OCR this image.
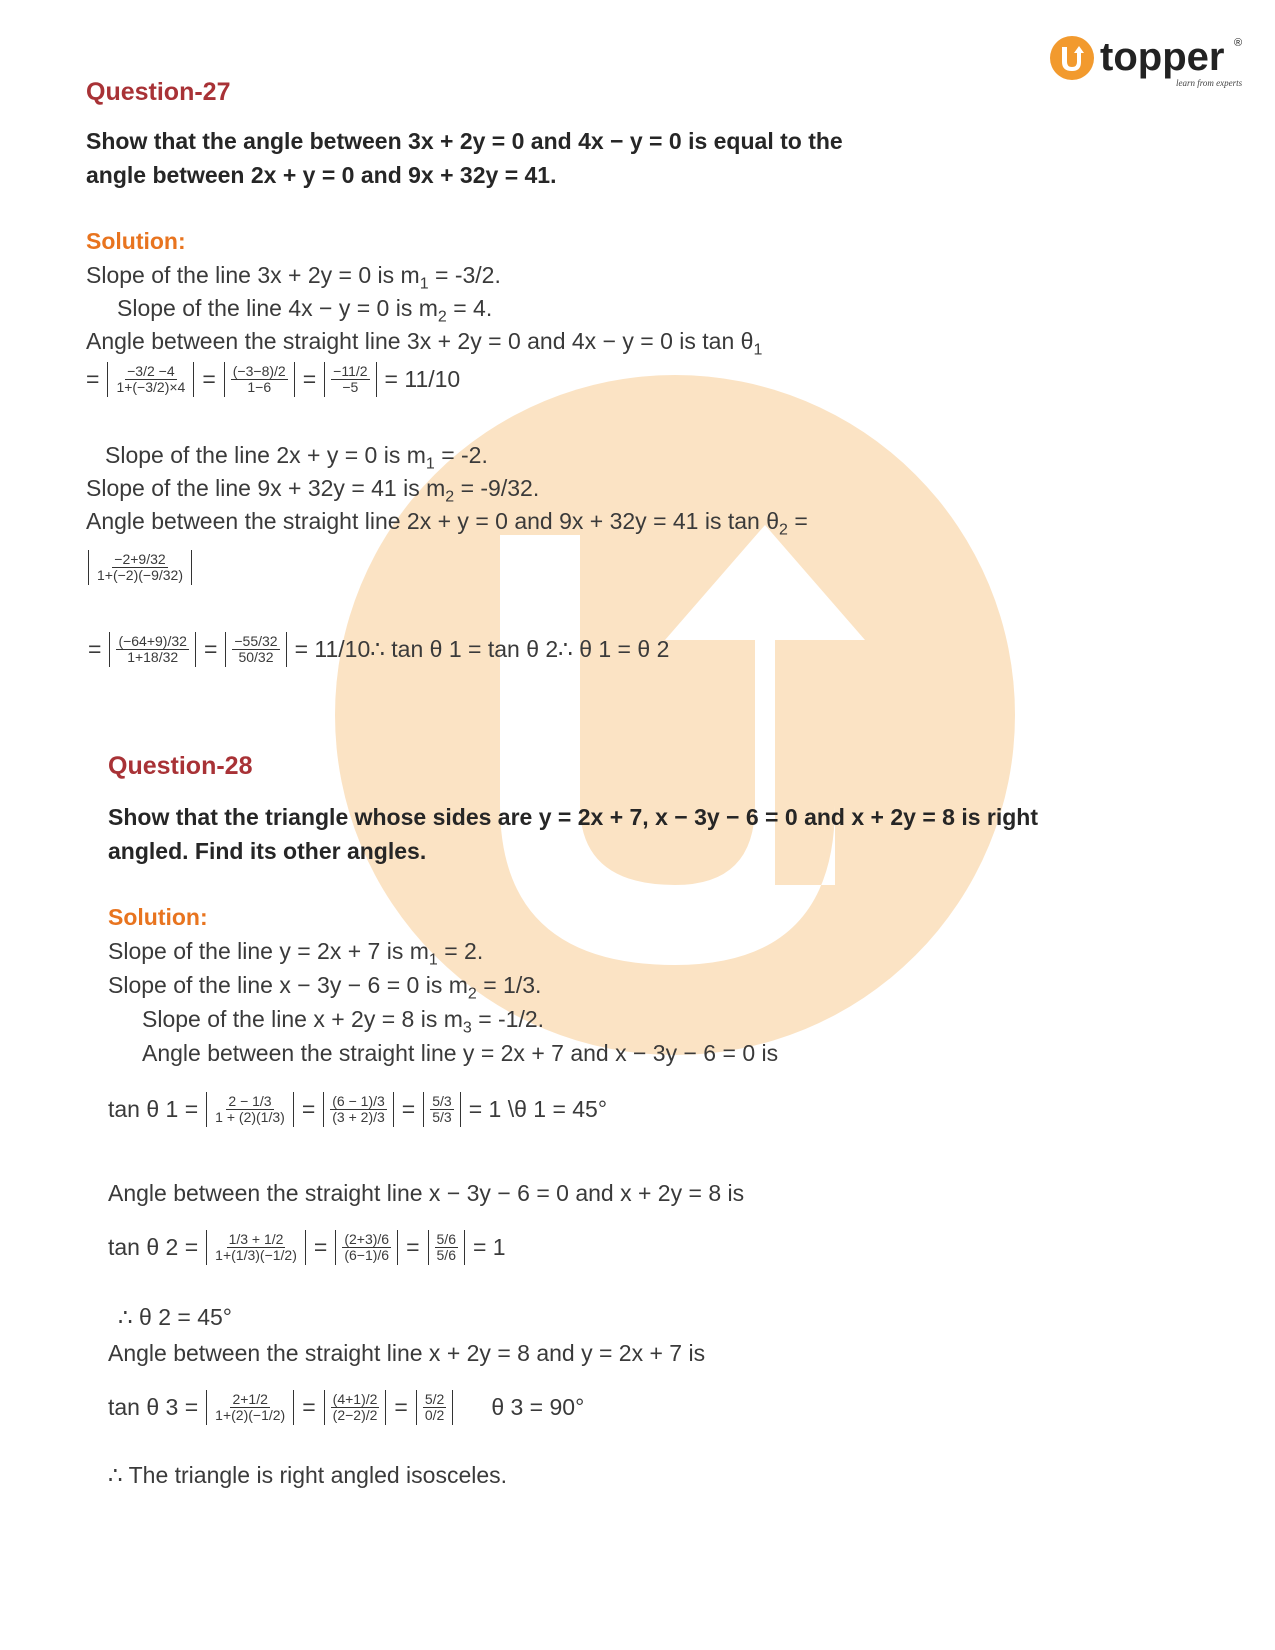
topper
learn from experts
®
Question-27
Show that the angle between 3x + 2y = 0 and 4x − y = 0 is equal to the angle between 2x + y = 0 and 9x + 32y = 41.
Solution:
Slope of the line 3x + 2y = 0 is $m_1 = -3/2$.
Slope of the line 4x − y = 0 is $m_2 = 4$.
Angle between the straight line 3x + 2y = 0 and 4x − y = 0 is $\tan \theta_1$
= $\frac{-3/2 -4}{1+(-3/2)\times 4} = \frac{(-3-8)/2}{1-6} = \frac{-11/2}{-5} = 11/10$
Slope of the line 2x + y = 0 is $m_1 = -2$.
Slope of the line 9x + 32y = 41 is $m_2 = -9/32$.
Angle between the straight line 2x + y = 0 and 9x + 32y = 41 is $\tan \theta_2$ =
$\frac{-2+9/32}{1+(-2)(-9/32)}$
= $\frac{(-64+9)/32}{1+18/32} = \frac{-55/32}{50/32}$ = 11/10∴ tan θ 1 = tan θ 2∴ θ 1 = θ 2
Question-28
Show that the triangle whose sides are y = 2x + 7, x − 3y − 6 = 0 and x + 2y = 8 is right angled. Find its other angles.
Solution:
Slope of the line y = 2x + 7 is $m_1 = 2$.
Slope of the line x − 3y − 6 = 0 is $m_2 = 1/3$.
Slope of the line x + 2y = 8 is $m_3 = -1/2$.
Angle between the straight line y = 2x + 7 and x − 3y − 6 = 0 is
tan θ $1 = \frac{2 - 1/3}{1 + (2)(1/3)} = \frac{(6 - 1)/3}{(3 + 2)/3} = \frac{5/3}{5/3} = 1$ \θ 1 = 45°
Angle between the straight line x − 3y − 6 = 0 and x + 2y = 8 is
tan θ $2 = \frac{1/3 + 1/2}{1+(1/3)(-1/2)} = \frac{(2+3)/6}{(6-1)/6} = \frac{5/6}{5/6} = 1$
∴ θ 2 = 45°
Angle between the straight line x + 2y = 8 and y = 2x + 7 is
tan θ $3 = \frac{2+1/2}{1+(2)(-1/2)} = \frac{(4+1)/2}{(2-2)/2} = \frac{5/2}{0/2}$ θ 3 = 90°
∴ The triangle is right angled isosceles.
